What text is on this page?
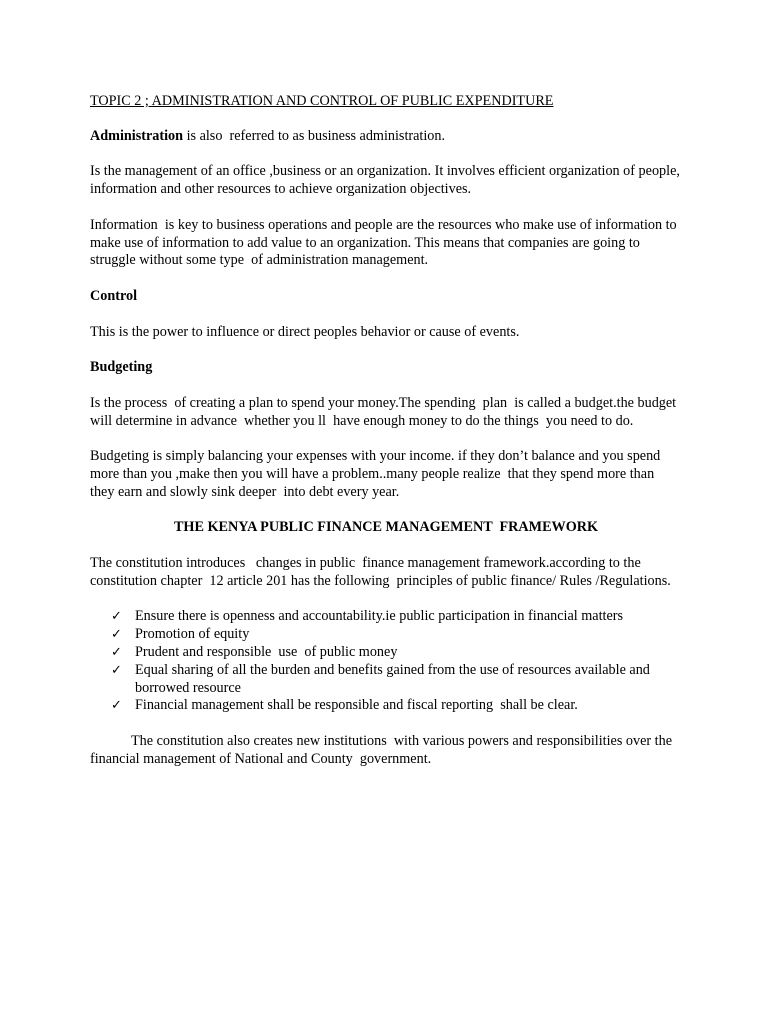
TOPIC 2 ; ADMINISTRATION AND CONTROL OF PUBLIC EXPENDITURE

Administration is also  referred to as business administration.

Is the management of an office ,business or an organization. It involves efficient organization of people, information and other resources to achieve organization objectives.

Information  is key to business operations and people are the resources who make use of information to make use of information to add value to an organization. This means that companies are going to struggle without some type  of administration management.

Control

This is the power to influence or direct peoples behavior or cause of events.

Budgeting

Is the process  of creating a plan to spend your money.The spending  plan  is called a budget.the budget will determine in advance  whether you ll  have enough money to do the things  you need to do.

Budgeting is simply balancing your expenses with your income. if they don’t balance and you spend more than you ,make then you will have a problem..many people realize  that they spend more than they earn and slowly sink deeper  into debt every year.

THE KENYA PUBLIC FINANCE MANAGEMENT  FRAMEWORK

The constitution introduces   changes in public  finance management framework.according to the constitution chapter  12 article 201 has the following  principles of public finance/ Rules /Regulations.

✓ Ensure there is openness and accountability.ie public participation in financial matters
✓ Promotion of equity
✓ Prudent and responsible  use  of public money
✓ Equal sharing of all the burden and benefits gained from the use of resources available and borrowed resource
✓ Financial management shall be responsible and fiscal reporting  shall be clear.

The constitution also creates new institutions  with various powers and responsibilities over the financial management of National and County  government.
